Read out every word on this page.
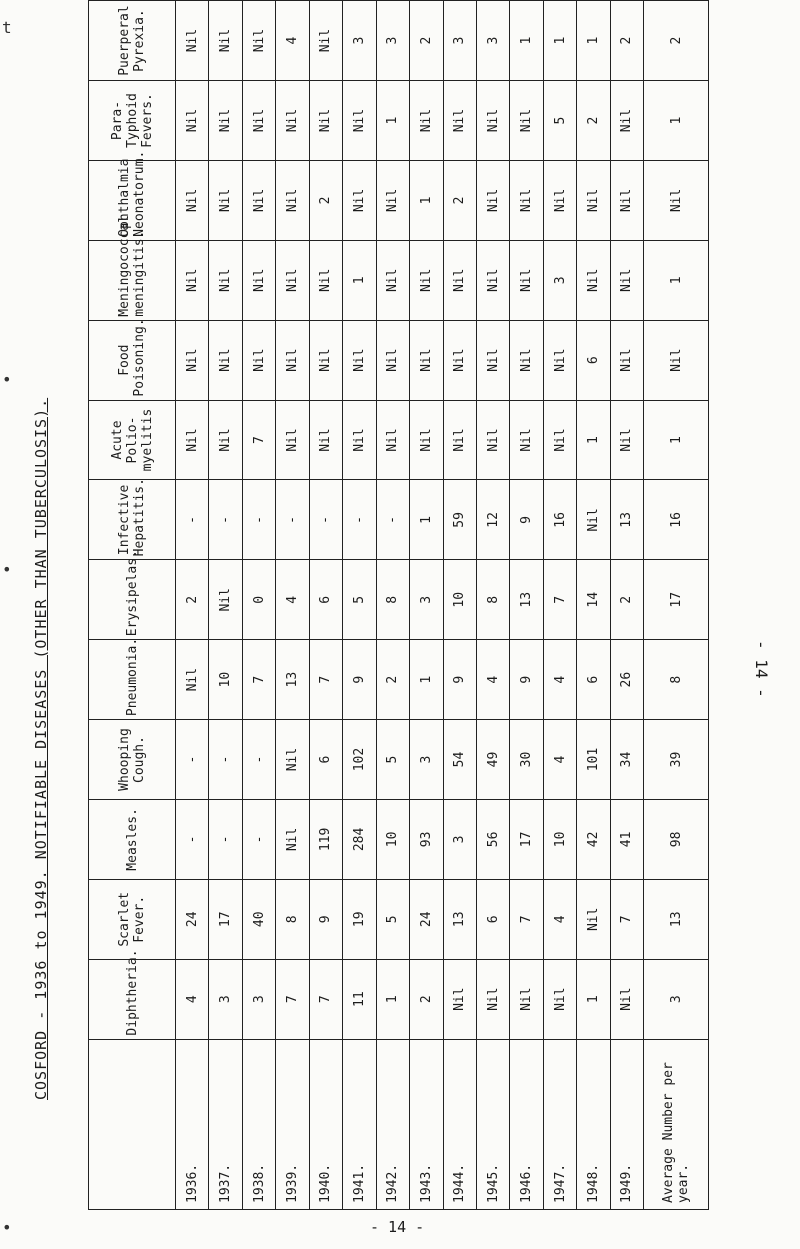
COSFORD - 1936 to 1949. NOTIFIABLE DISEASES (OTHER THAN TUBERCULOSIS).	- 14 -
	Diphtheria.	Scarlet Fever.	Measles.	Whooping Cough.	Pneumonia.	Erysipelas.	Infective Hepatitis.	Acute Polio-myelitis	Food Poisoning.	Meningococcal meningitis.	Ophthalmia Neonatorum.	Para-Typhoid Fevers.	Puerperal Pyrexia.
1936.	4	24	-	-	Nil	2	-	Nil	Nil	Nil	Nil	Nil	Nil
1937.	3	17	-	-	10	Nil	-	Nil	Nil	Nil	Nil	Nil	Nil
1938.	3	40	-	-	7	0	-	7	Nil	Nil	Nil	Nil	Nil
1939.	7	8	Nil	Nil	13	4	-	Nil	Nil	Nil	Nil	Nil	4
1940.	7	9	119	6	7	6	-	Nil	Nil	Nil	2	Nil	Nil
1941.	11	19	284	102	9	5	-	Nil	Nil	1	Nil	Nil	3
1942.	1	5	10	5	2	8	-	Nil	Nil	Nil	Nil	1	3
1943.	2	24	93	3	1	3	1	Nil	Nil	Nil	1	Nil	2
1944.	Nil	13	3	54	9	10	59	Nil	Nil	Nil	2	Nil	3
1945.	Nil	6	56	49	4	8	12	Nil	Nil	Nil	Nil	Nil	3
1946.	Nil	7	17	30	9	13	9	Nil	Nil	Nil	Nil	Nil	1
1947.	Nil	4	10	4	4	7	16	Nil	Nil	3	Nil	5	1
1948.	1	Nil	42	101	6	14	Nil	1	6	Nil	Nil	2	1
1949.	Nil	7	41	34	26	2	13	Nil	Nil	Nil	Nil	Nil	2
Average Number per year.	3	13	98	39	8	17	16	1	Nil	1	Nil	1	2
- 14 -
t
•
•
•
